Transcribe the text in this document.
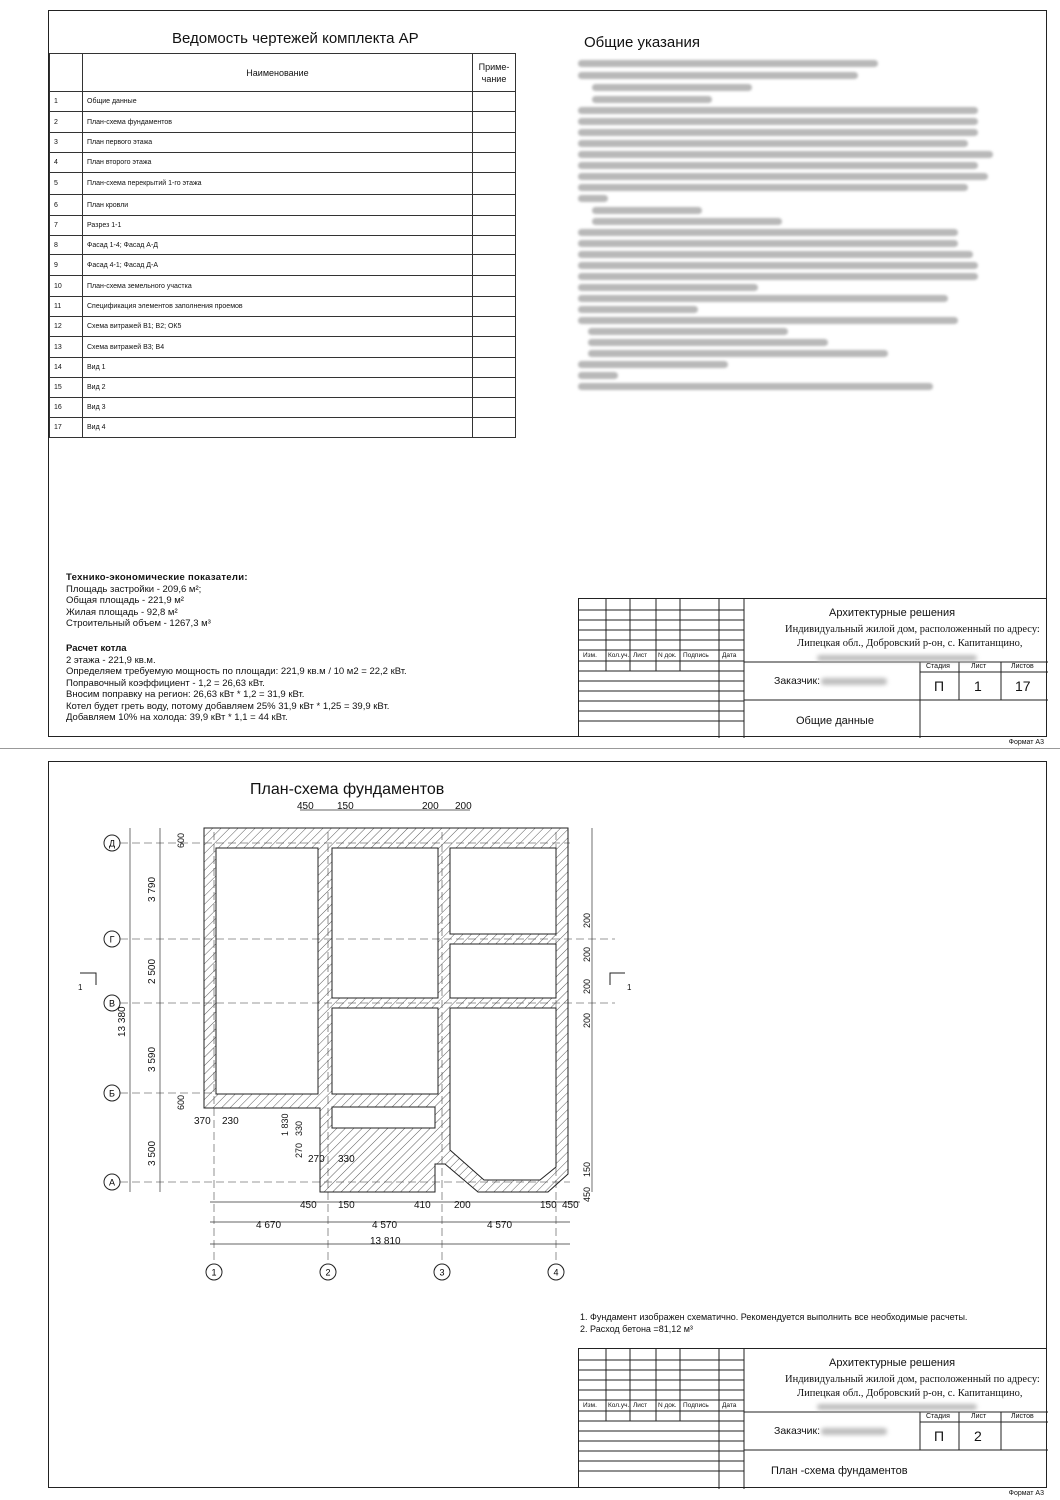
Ведомость чертежей комплекта АР
	Наименование	Приме-
чание
1	Общие данные	
2	План-схема фундаментов	
3	План первого этажа	
4	План второго этажа	
5	План-схема перекрытий 1-го этажа	
6	План кровли	
7	Разрез 1-1	
8	Фасад 1-4; Фасад А-Д	
9	Фасад 4-1; Фасад Д-А	
10	План-схема земельного участка	
11	Спецификация элементов заполнения проемов	
12	Схема витражей В1; В2; ОК5	
13	Схема витражей В3; В4	
14	Вид 1	
15	Вид 2	
16	Вид 3	
17	Вид 4	
Общие указания
Технико-экономические показатели:
Площадь застройки - 209,6 м²;
Общая площадь - 221,9 м²
Жилая площадь - 92,8 м²
Строительный объем - 1267,3 м³
Расчет котла
2 этажа - 221,9 кв.м.
Определяем требуемую мощность по площади: 221,9 кв.м / 10 м2 = 22,2 кВт.
Поправочный коэффициент - 1,2 = 26,63 кВт.
Вносим поправку на регион: 26,63 кВт * 1,2 = 31,9 кВт.
Котел будет греть воду, потому добавляем 25% 31,9 кВт * 1,25 = 39,9 кВт.
Добавляем 10% на холода: 39,9 кВт * 1,1 = 44 кВт.
Изм. Кол.уч. Лист N док. Подпись Дата
Архитектурные решения
Индивидуальный жилой дом, расположенный по адресу:
Липецкая обл., Добровский р-он, с. Капитанщино,
Заказчик:
Общие данные
Стадия	Лист	Листов
П 1 17
Формат А3
План-схема фундаментов
Д
Г
В
Б
А
1	2	3	4
450 150	200 200
3 790
2 500
3 590
3 500
13 380
600
600
200
200
200
200
150
450
370 230	1 830 330
270
270 330
450 150	410 200	150 450
4 670	4 570	4 570
13 810
1	1
1. Фундамент изображен схематично. Рекомендуется выполнить все необходимые расчеты.
2. Расход бетона =81,12 м³
Изм. Кол.уч. Лист N док. Подпись Дата
Архитектурные решения
Индивидуальный жилой дом, расположенный по адресу:
Липецкая обл., Добровский р-он, с. Капитанщино,
Заказчик:
План -схема фундаментов
Стадия	Лист	Листов
П 2
Формат А3
